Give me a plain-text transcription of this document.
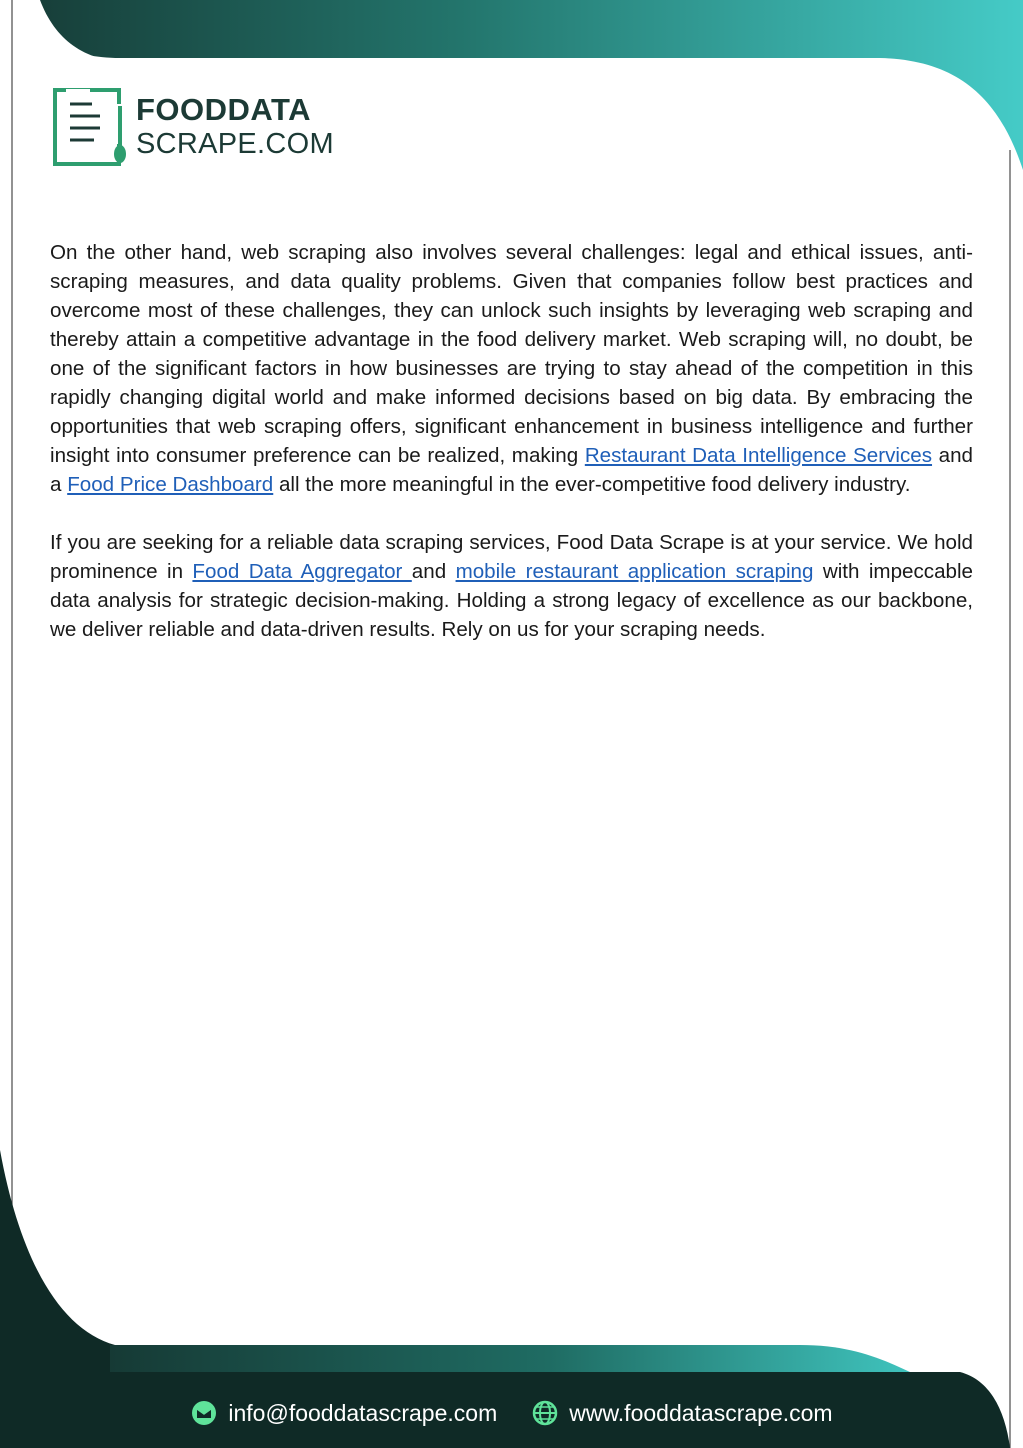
FOODDATA
SCRAPE.COM

On the other hand, web scraping also involves several challenges: legal and ethical issues, anti-scraping measures, and data quality problems. Given that companies follow best practices and overcome most of these challenges, they can unlock such insights by leveraging web scraping and thereby attain a competitive advantage in the food delivery market. Web scraping will, no doubt, be one of the significant factors in how businesses are trying to stay ahead of the competition in this rapidly changing digital world and make informed decisions based on big data. By embracing the opportunities that web scraping offers, significant enhancement in business intelligence and further insight into consumer preference can be realized, making Restaurant Data Intelligence Services and a Food Price Dashboard all the more meaningful in the ever-competitive food delivery industry.

If you are seeking for a reliable data scraping services, Food Data Scrape is at your service. We hold prominence in Food Data Aggregator and mobile restaurant application scraping with impeccable data analysis for strategic decision-making. Holding a strong legacy of excellence as our backbone, we deliver reliable and data-driven results. Rely on us for your scraping needs.

info@fooddatascrape.com	www.fooddatascrape.com
